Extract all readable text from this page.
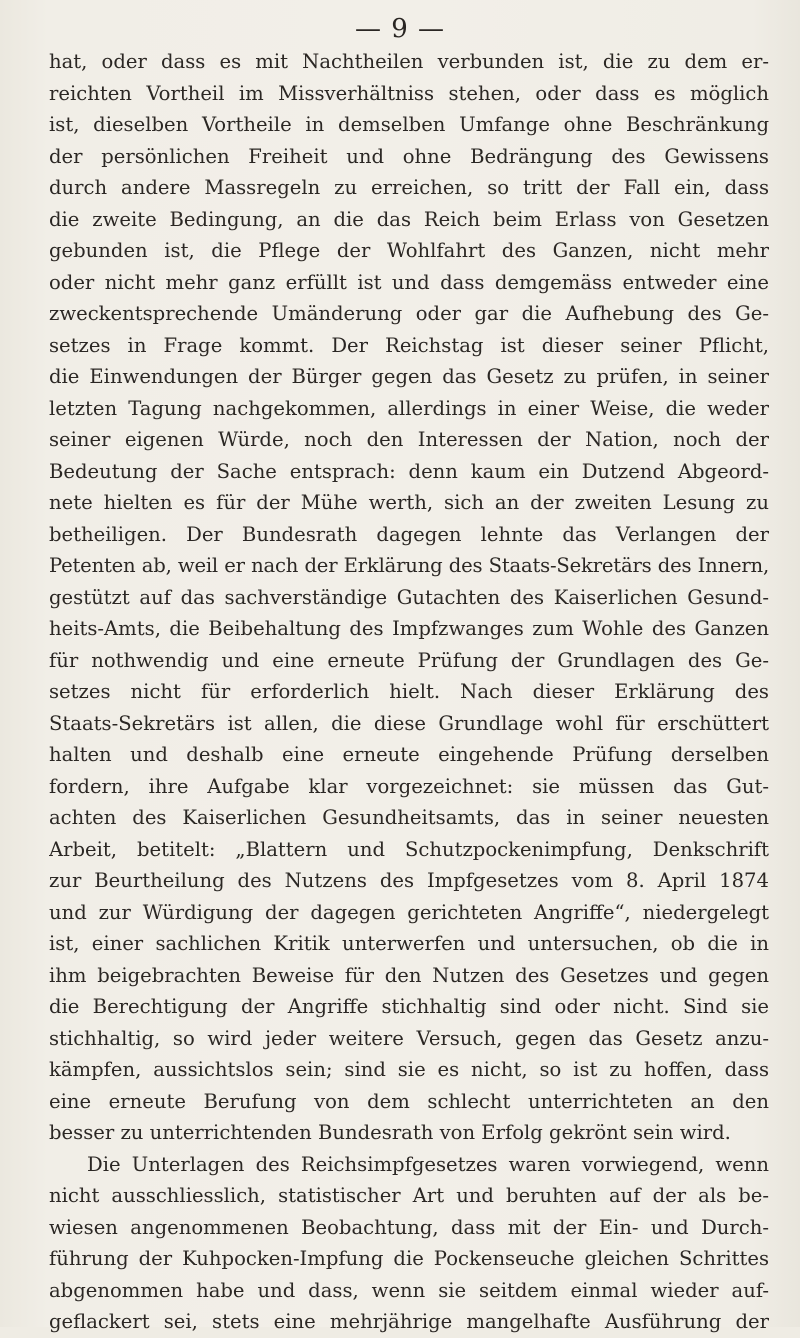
— 9 —
hat, oder dass es mit Nachtheilen verbunden ist, die zu dem er-
reichten Vortheil im Missverhältniss stehen, oder dass es möglich
ist, dieselben Vortheile in demselben Umfange ohne Beschränkung
der persönlichen Freiheit und ohne Bedrängung des Gewissens
durch andere Massregeln zu erreichen, so tritt der Fall ein, dass
die zweite Bedingung, an die das Reich beim Erlass von Gesetzen
gebunden ist, die Pflege der Wohlfahrt des Ganzen, nicht mehr
oder nicht mehr ganz erfüllt ist und dass demgemäss entweder eine
zweckentsprechende Umänderung oder gar die Aufhebung des Ge-
setzes in Frage kommt. Der Reichstag ist dieser seiner Pflicht,
die Einwendungen der Bürger gegen das Gesetz zu prüfen, in seiner
letzten Tagung nachgekommen, allerdings in einer Weise, die weder
seiner eigenen Würde, noch den Interessen der Nation, noch der
Bedeutung der Sache entsprach: denn kaum ein Dutzend Abgeord-
nete hielten es für der Mühe werth, sich an der zweiten Lesung zu
betheiligen. Der Bundesrath dagegen lehnte das Verlangen der
Petenten ab, weil er nach der Erklärung des Staats-Sekretärs des Innern,
gestützt auf das sachverständige Gutachten des Kaiserlichen Gesund-
heits-Amts, die Beibehaltung des Impfzwanges zum Wohle des Ganzen
für nothwendig und eine erneute Prüfung der Grundlagen des Ge-
setzes nicht für erforderlich hielt. Nach dieser Erklärung des
Staats-Sekretärs ist allen, die diese Grundlage wohl für erschüttert
halten und deshalb eine erneute eingehende Prüfung derselben
fordern, ihre Aufgabe klar vorgezeichnet: sie müssen das Gut-
achten des Kaiserlichen Gesundheitsamts, das in seiner neuesten
Arbeit, betitelt: „Blattern und Schutzpockenimpfung, Denkschrift
zur Beurtheilung des Nutzens des Impfgesetzes vom 8. April 1874
und zur Würdigung der dagegen gerichteten Angriffe“, niedergelegt
ist, einer sachlichen Kritik unterwerfen und untersuchen, ob die in
ihm beigebrachten Beweise für den Nutzen des Gesetzes und gegen
die Berechtigung der Angriffe stichhaltig sind oder nicht. Sind sie
stichhaltig, so wird jeder weitere Versuch, gegen das Gesetz anzu-
kämpfen, aussichtslos sein; sind sie es nicht, so ist zu hoffen, dass
eine erneute Berufung von dem schlecht unterrichteten an den
besser zu unterrichtenden Bundesrath von Erfolg gekrönt sein wird.
Die Unterlagen des Reichsimpfgesetzes waren vorwiegend, wenn
nicht ausschliesslich, statistischer Art und beruhten auf der als be-
wiesen angenommenen Beobachtung, dass mit der Ein- und Durch-
führung der Kuhpocken-Impfung die Pockenseuche gleichen Schrittes
abgenommen habe und dass, wenn sie seitdem einmal wieder auf-
geflackert sei, stets eine mehrjährige mangelhafte Ausführung der
